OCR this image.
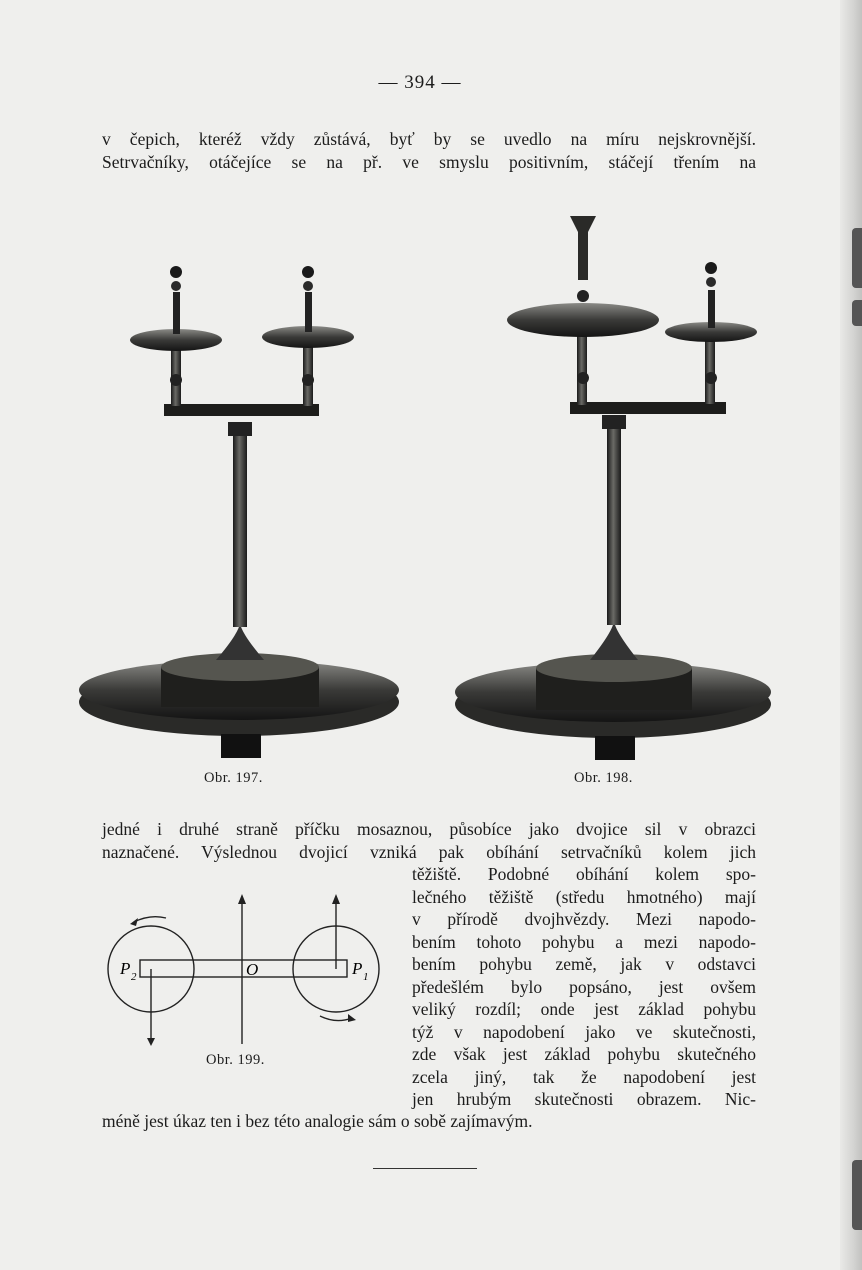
— 394 —
v čepich, kteréž vždy zůstává, byť by se uvedlo na míru nejskrovnější.
Setrvačníky, otáčejíce se na př. ve smyslu positivním, stáčejí třením na
Obr. 197.	Obr. 198.
jedné i druhé straně příčku mosaznou, působíce jako dvojice sil v obrazci
naznačené. Výslednou dvojicí vzniká pak obíhání setrvačníků kolem jich
P 2	O	P 1
Obr. 199.
těžiště. Podobné obíhání kolem spo-
lečného těžiště (středu hmotného) mají
v přírodě dvojhvězdy. Mezi napodo-
bením tohoto pohybu a mezi napodo-
bením pohybu země, jak v odstavci
předešlém bylo popsáno, jest ovšem
veliký rozdíl; onde jest základ pohybu
týž v napodobení jako ve skutečnosti,
zde však jest základ pohybu skutečného
zcela jiný, tak že napodobení jest
jen hrubým skutečnosti obrazem. Nic-
méně jest úkaz ten i bez této analogie sám o sobě zajímavým.
